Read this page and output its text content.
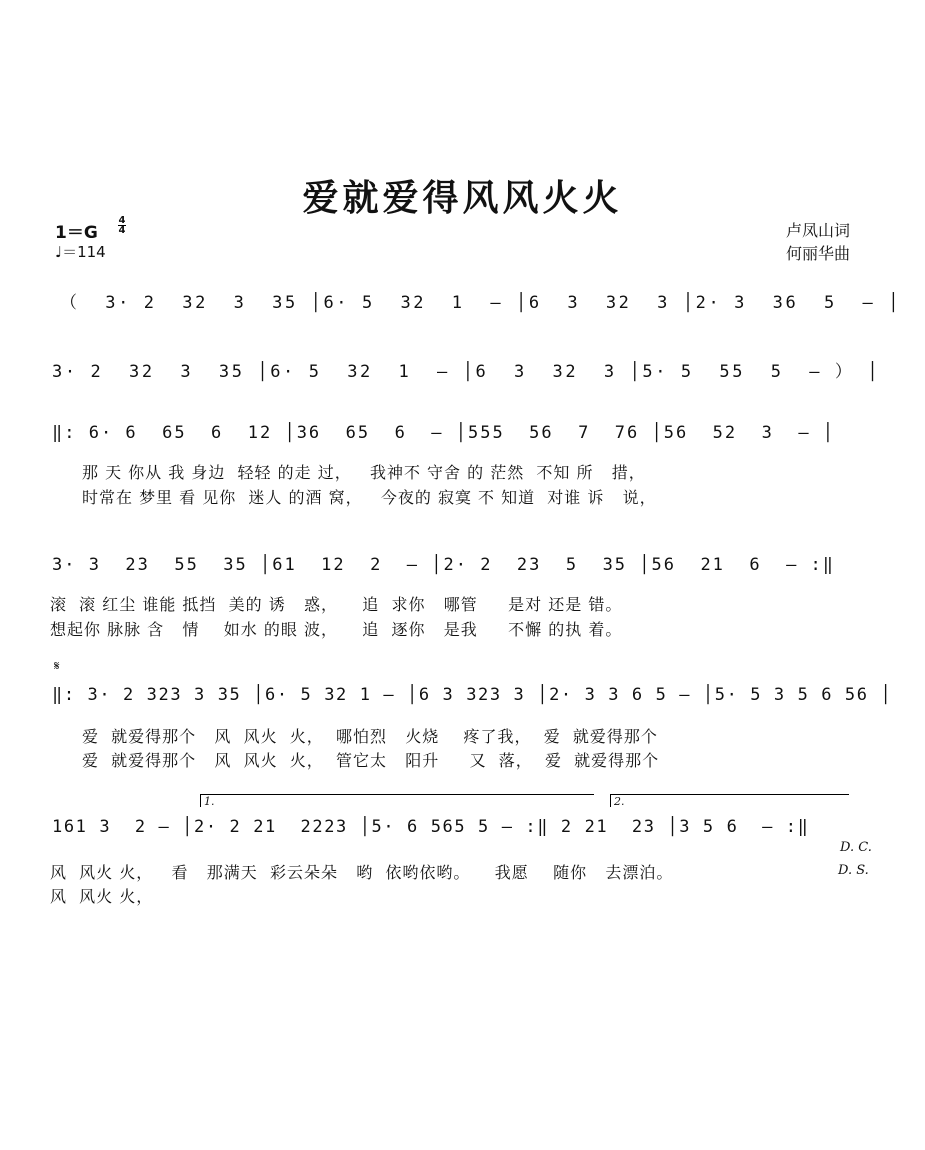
爱就爱得风风火火
1＝G
4
4
♩＝114
卢凤山词
何丽华曲
（  3· 2  32  3  35 │6· 5  32  1  — │6  3  32  3 │2· 3  36  5  — │
3· 2  32  3  35 │6· 5  32  1  — │6  3  32  3 │5· 5  55  5  — ） │
‖: 6· 6  65  6  12 │36  65  6  — │555  56  7  76 │56  52  3  — │
那 天 你从 我 身边  轻轻 的走 过，   我神不 守舍 的 茫然  不知 所   措，
时常在 梦里 看 见你  迷人 的酒 窝，   今夜的 寂寞 不 知道  对谁 诉   说，
3· 3  23  55  35 │61  12  2  — │2· 2  23  5  35 │56  21  6  — :‖
滚  滚 红尘 谁能 抵挡  美的 诱   惑，    追  求你   哪管     是对 还是 错。
想起你 脉脉 含   情    如水 的眼 波，    追  逐你   是我     不懈 的执 着。
𝄋
‖: 3· 2 323 3 35 │6· 5 32 1 — │6 3 323 3 │2· 3 3 6 5 — │5· 5 3 5 6 56 │
爱  就爱得那个   风  风火  火，  哪怕烈   火烧    疼了我，  爱  就爱得那个
爱  就爱得那个   风  风火  火，  管它太   阳升     又  落，  爱  就爱得那个
1.	2.
161 3  2 — │2· 2 21  2223 │5· 6 565 5 — :‖ 2 21  23 │3 5 6  — :‖
D. C.
D. S.
风  风火 火，   看   那满天  彩云朵朵   哟  依哟依哟。    我愿    随你   去漂泊。
风  风火 火，
